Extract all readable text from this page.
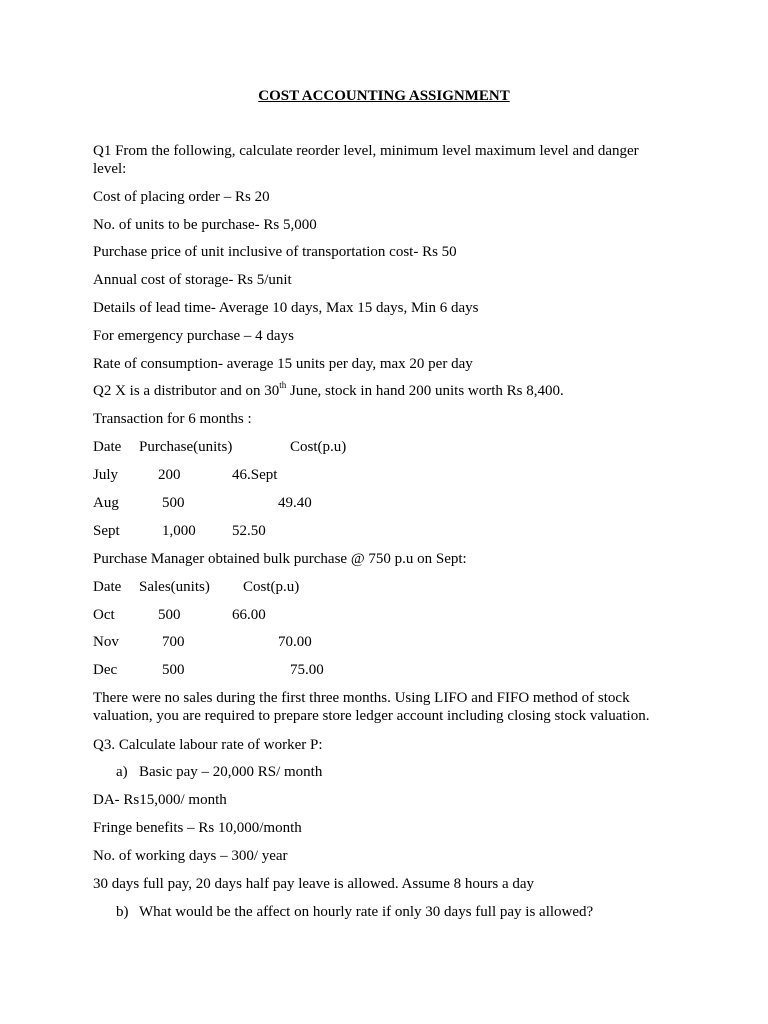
COST ACCOUNTING ASSIGNMENT
Q1 From the following, calculate reorder level, minimum level maximum level and danger
level:
Cost of placing order – Rs 20
No. of units to be purchase- Rs 5,000
Purchase price of unit inclusive of transportation cost- Rs 50
Annual cost of storage- Rs 5/unit
Details of lead time- Average 10 days, Max 15 days, Min 6 days
For emergency purchase – 4 days
Rate of consumption- average 15 units per day, max 20 per day
Q2 X is a distributor and on 30th June, stock in hand 200 units worth Rs 8,400.
Transaction for 6 months :
Date Purchase(units)	Cost(p.u)
July	200	46.Sept
Aug	500	49.40
Sept	1,000 52.50
Purchase Manager obtained bulk purchase @ 750 p.u on Sept:
Date Sales(units) Cost(p.u)
Oct	500	66.00
Nov	700	70.00
Dec	500	75.00
There were no sales during the first three months. Using LIFO and FIFO method of stock
valuation, you are required to prepare store ledger account including closing stock valuation.
Q3. Calculate labour rate of worker P:
a) Basic pay – 20,000 RS/ month
DA- Rs15,000/ month
Fringe benefits – Rs 10,000/month
No. of working days – 300/ year
30 days full pay, 20 days half pay leave is allowed. Assume 8 hours a day
b) What would be the affect on hourly rate if only 30 days full pay is allowed?
